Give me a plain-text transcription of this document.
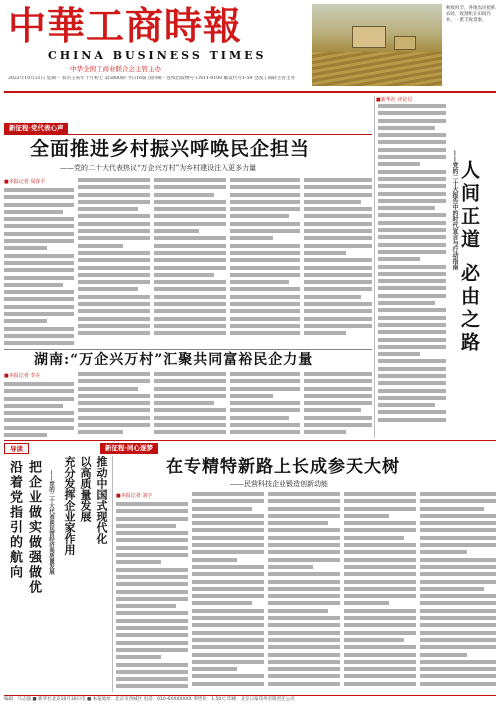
中華工商時報
CHINA BUSINESS TIMES
中华全国工商业联合会主管主办
2022年10月31日 星期一 农历壬寅年十月初七 第5800期 今日16版 国内统一连续出版物号 CN11-0100 邮发代号1-59 全国工商联主管主办
秋收时节，各地农民抢抓农时，收割机在田间作业，一派丰收景象。
新征程·党代表心声
全面推进乡村振兴呼唤民企担当
——党的二十大代表热议“万企兴万村”为乡村建设注入更多力量
■本报记者 周春平
湖南:“万企兴万村”汇聚共同富裕民企力量
■本报记者 李卉
■新华社 评论员
——党的二十大报告中的时代宣言与行动指南 人间正道 必由之路
新征程·同心逐梦
导读
沿着党指引的航向 把企业做实做强做优 ——党的二十大代表谈民营经济高质量发展 充分发挥企业家作用 以高质量发展 推动中国式现代化	在专精特新路上长成参天大树
——民营科技企业锻造创新动能
■本报记者 刘宇
编辑：马志强 ■ 新华社北京10月30日电 ■ 本报地址：北京市西城区 电话：010-6XXXXXXX 零售价：1.50元 印刷：北京日报印务有限责任公司
